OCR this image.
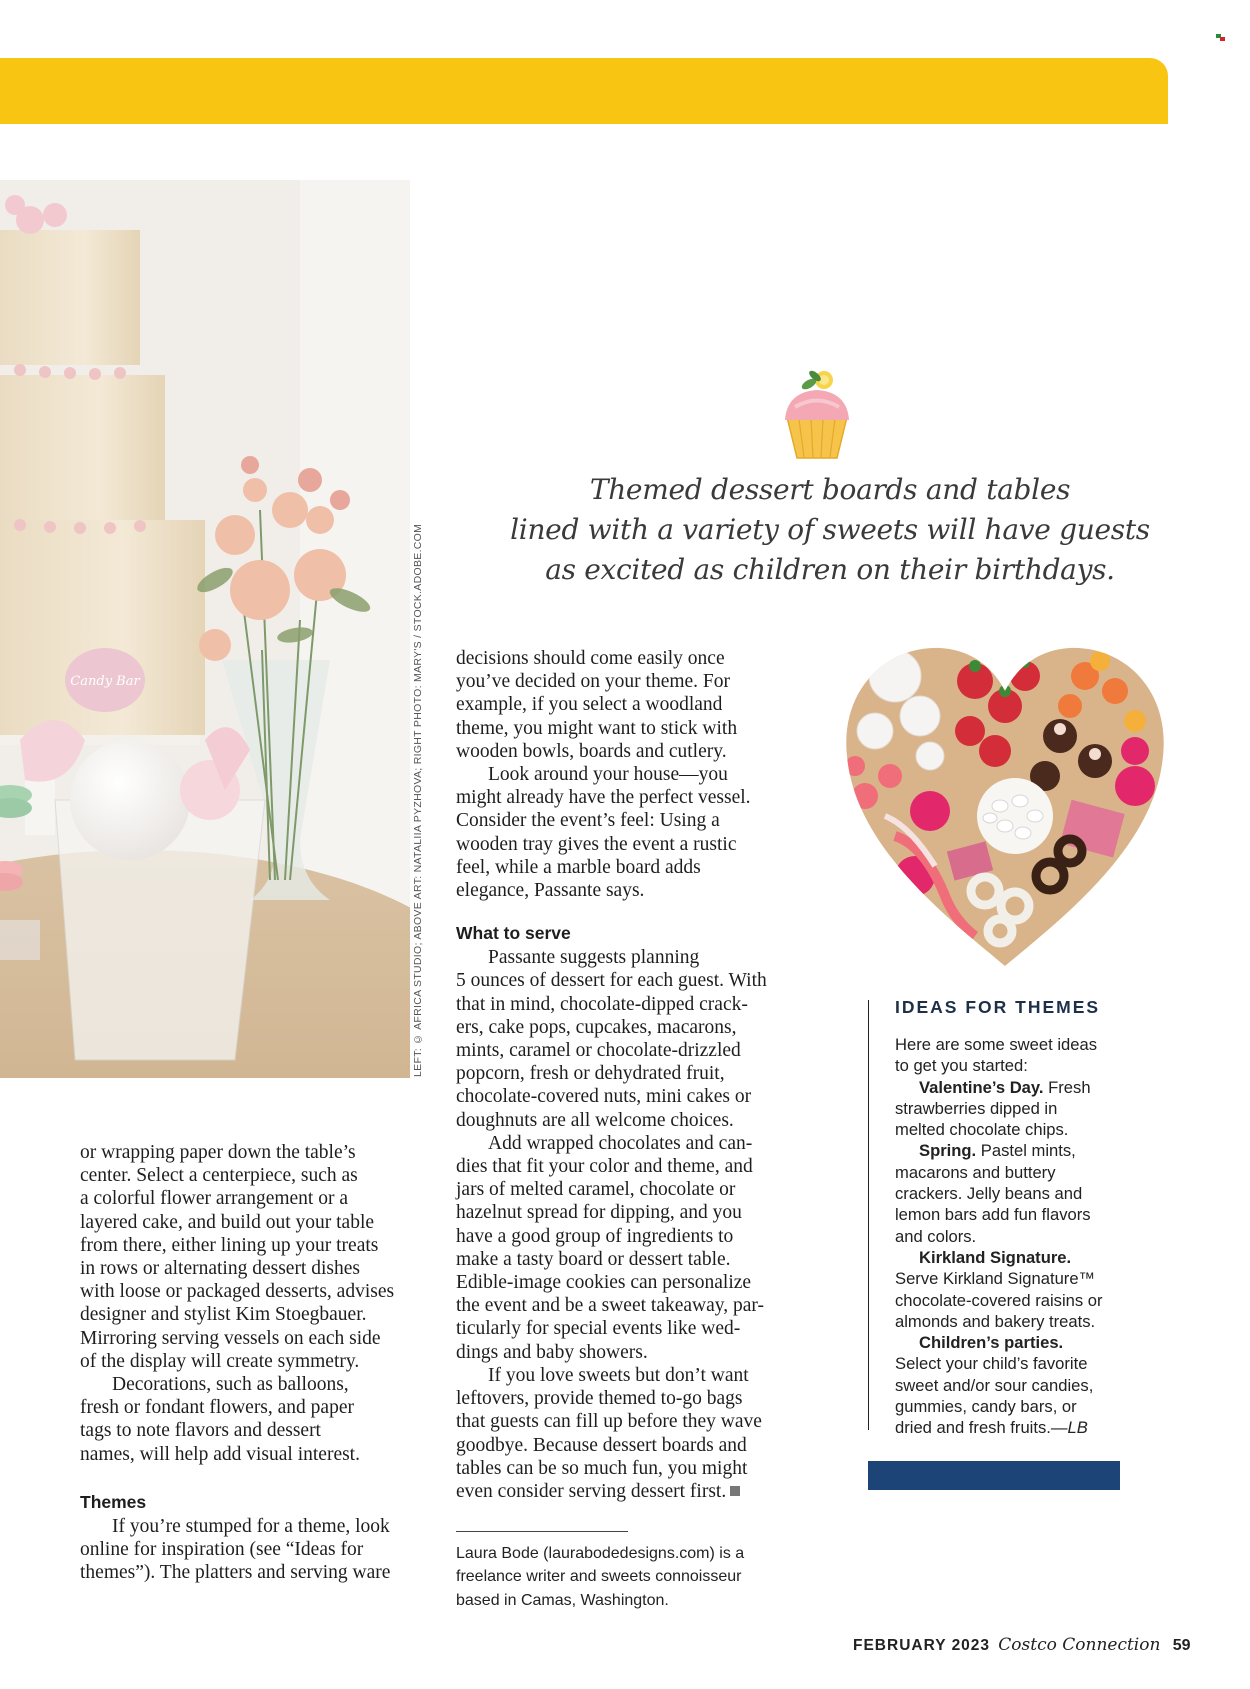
Candy Bar	LEFT: © AFRICA STUDIO; ABOVE ART: NATALIIA PYZHOVA; RIGHT PHOTO: MARY'S / STOCK.ADOBE.COM
Themed dessert boards and tables
lined with a variety of sweets will have guests
as excited as children on their birthdays.

or wrapping paper down the table’s
center. Select a centerpiece, such as
a colorful flower arrangement or a
layered cake, and build out your table
from there, either lining up your treats
in rows or alternating dessert dishes
with loose or packaged desserts, advises
designer and stylist Kim Stoegbauer.
Mirroring serving vessels on each side
of the display will create symmetry.

Decorations, such as balloons,
fresh or fondant flowers, and paper
tags to note flavors and dessert
names, will help add visual interest.

Themes

If you’re stumped for a theme, look
online for inspiration (see “Ideas for
themes”). The platters and serving ware

decisions should come easily once
you’ve decided on your theme. For
example, if you select a woodland
theme, you might want to stick with
wooden bowls, boards and cutlery.

Look around your house—you
might already have the perfect vessel.
Consider the event’s feel: Using a
wooden tray gives the event a rustic
feel, while a marble board adds
elegance, Passante says.

What to serve

Passante suggests planning
5 ounces of dessert for each guest. With
that in mind, chocolate-dipped crack-
ers, cake pops, cupcakes, macarons,
mints, caramel or chocolate-drizzled
popcorn, fresh or dehydrated fruit,
chocolate-covered nuts, mini cakes or
doughnuts are all welcome choices.

Add wrapped chocolates and can-
dies that fit your color and theme, and
jars of melted caramel, chocolate or
hazelnut spread for dipping, and you
have a good group of ingredients to
make a tasty board or dessert table.
Edible-image cookies can personalize
the event and be a sweet takeaway, par-
ticularly for special events like wed-
dings and baby showers.

If you love sweets but don’t want
leftovers, provide themed to-go bags
that guests can fill up before they wave
goodbye. Because dessert boards and
tables can be so much fun, you might
even consider serving dessert first.

Laura Bode (laurabodedesigns.com) is a
freelance writer and sweets connoisseur
based in Camas, Washington.
IDEAS FOR THEMES
Here are some sweet ideas
to get you started:
Valentine’s Day. Fresh
strawberries dipped in
melted chocolate chips.
Spring. Pastel mints,
macarons and buttery
crackers. Jelly beans and
lemon bars add fun flavors
and colors.
Kirkland Signature.
Serve Kirkland Signature™
chocolate-covered raisins or
almonds and bakery treats.
Children’s parties.
Select your child’s favorite
sweet and/or sour candies,
gummies, candy bars, or
dried and fresh fruits.—LB
FEBRUARY 2023 Costco Connection 59
